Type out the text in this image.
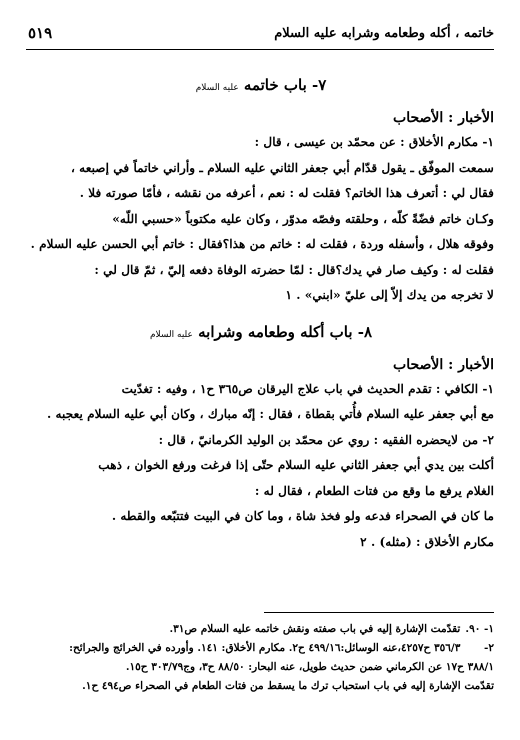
خاتمه ، أكله وطعامه وشرابه عليه السلام
٥١٩
٧- باب خاتمه عليه السلام
الأخبار : الأصحاب

١- مكارم الأخلاق : عن محمّد بن عيسى ، قال :

سمعت الموفّق ـ يقول قدّام أبي جعفر الثاني عليه السلام ـ وأراني خاتماً في إصبعه ،

فقال لي : أتعرف هذا الخاتم؟ فقلت له : نعم ، أعرفه من نقشه ، فأمّا صورته فلا .

وكـان خاتم فضّةً كلّه ، وحلقته وفصّه مدوّر ، وكان عليه مكتوباً «حسبي اللّه»

وفوقه هلال ، وأسفله وردة ، فقلت له : خاتم من هذا؟فقال : خاتم أبي الحسن عليه السلام .

فقلت له : وكيف صار في يدك؟قال : لمّا حضرته الوفاة دفعه إليّ ، ثمّ قال لي :

لا تخرجه من يدك إلاّ إلى عليّ «ابني» . ١

٨- باب أكله وطعامه وشرابه عليه السلام
الأخبار : الأصحاب

١- الكافي : تقدم الحديث في باب علاج اليرقان ص٣٦٥ ح١ ، وفيه : تغدّيت

مع أبي جعفر عليه السلام فأُتي بقطاة ، فقال : إنّه مبارك ، وكان أبي عليه السلام يعجبه .

٢- من لايحضره الفقيه : روي عن محمّد بن الوليد الكرمانيّ ، قال :

أكلت بين يدي أبي جعفر الثاني عليه السلام حتّى إذا فرغت ورفع الخوان ، ذهب

الغلام يرفع ما وقع من فتات الطعام ، فقال له :

ما كان في الصحراء فدعه ولو فخذ شاة ، وما كان في البيت فتتبّعه والقطه .

مكارم الأخلاق : (مثله) . ٢

١- ٩٠. تقدّمت الإشارة إليه في باب صفته ونقش خاتمه عليه السلام ص٣١.

٢- ٣٥٦/٣ ح٤٢٥٧،عنه الوسائل:٤٩٩/١٦ ح٢. مكارم الأخلاق: ١٤١. وأورده في الخرائج والجرائح:

٣٨٨/١ ح١٧ عن الكرماني ضمن حديث طويل، عنه البحار: ٨٨/٥٠ ح٣، وج٣٠٣/٧٩ ح١٥.

تقدّمت الإشارة إليه في باب استحباب ترك ما يسقط من فتات الطعام في الصحراء ص٤٩٤ ح١.
